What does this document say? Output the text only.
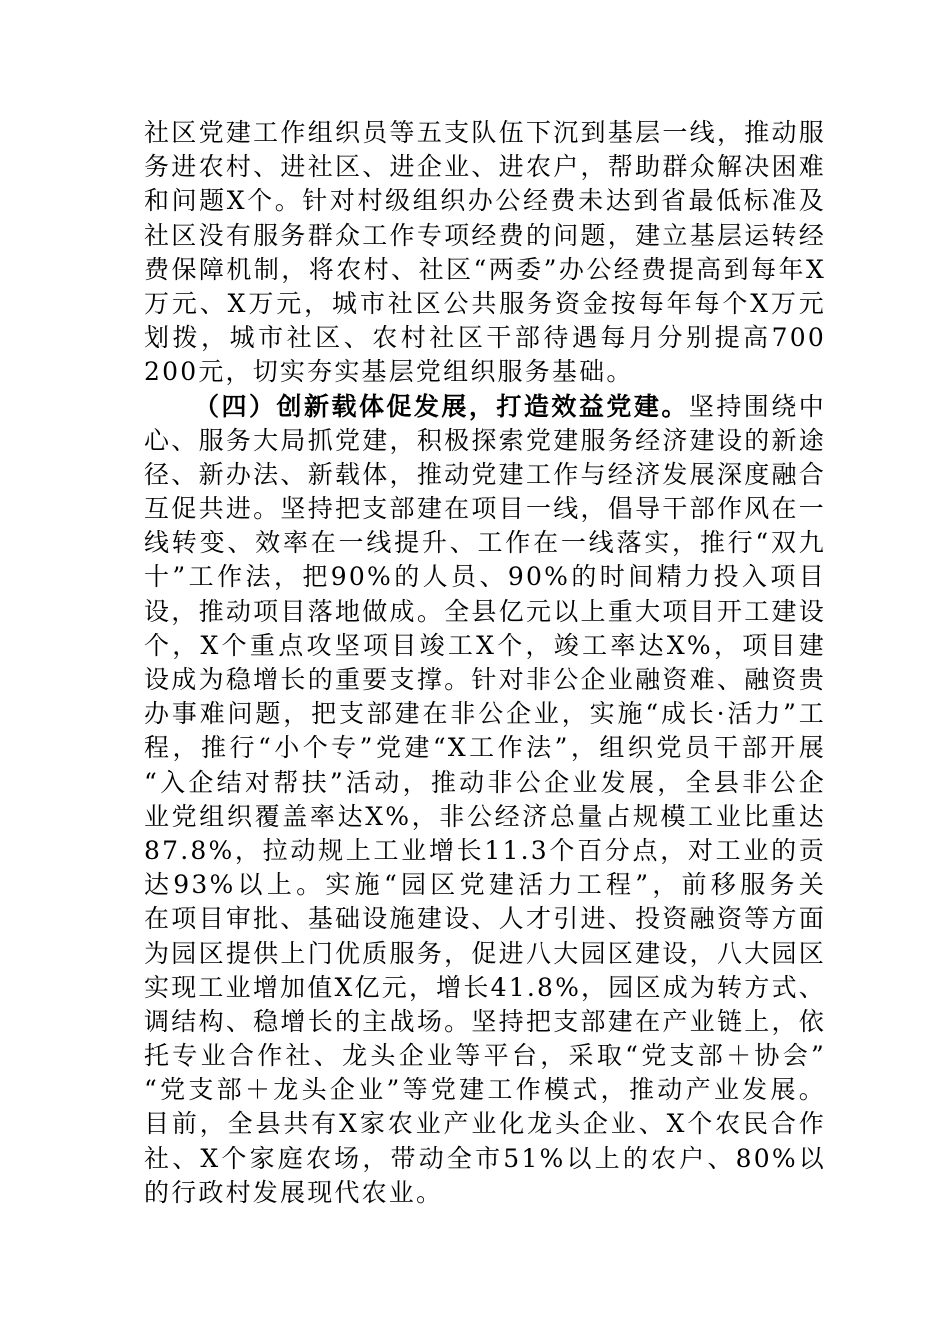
社区党建工作组织员等五支队伍下沉到基层一线，推动服
务进农村、进社区、进企业、进农户，帮助群众解决困难
和问题X个。针对村级组织办公经费未达到省最低标准及
社区没有服务群众工作专项经费的问题，建立基层运转经
费保障机制，将农村、社区“两委”办公经费提高到每年X
万元、X万元，城市社区公共服务资金按每年每个X万元
划拨，城市社区、农村社区干部待遇每月分别提高700
200元，切实夯实基层党组织服务基础。
（四）创新载体促发展，打造效益党建。坚持围绕中
心、服务大局抓党建，积极探索党建服务经济建设的新途
径、新办法、新载体，推动党建工作与经济发展深度融合
互促共进。坚持把支部建在项目一线，倡导干部作风在一
线转变、效率在一线提升、工作在一线落实，推行“双九
十”工作法，把90%的人员、90%的时间精力投入项目
设，推动项目落地做成。全县亿元以上重大项目开工建设
个，X个重点攻坚项目竣工X个，竣工率达X%，项目建
设成为稳增长的重要支撑。针对非公企业融资难、融资贵
办事难问题，把支部建在非公企业，实施“成长·活力”工
程，推行“小个专”党建“X工作法”，组织党员干部开展
“入企结对帮扶”活动，推动非公企业发展，全县非公企
业党组织覆盖率达X%，非公经济总量占规模工业比重达
87.8%，拉动规上工业增长11.3个百分点，对工业的贡
达93%以上。实施“园区党建活力工程”，前移服务关
在项目审批、基础设施建设、人才引进、投资融资等方面
为园区提供上门优质服务，促进八大园区建设，八大园区
实现工业增加值X亿元，增长41.8%，园区成为转方式、
调结构、稳增长的主战场。坚持把支部建在产业链上，依
托专业合作社、龙头企业等平台，采取“党支部＋协会”
“党支部＋龙头企业”等党建工作模式，推动产业发展。
目前，全县共有X家农业产业化龙头企业、X个农民合作
社、X个家庭农场，带动全市51%以上的农户、80%以
的行政村发展现代农业。
